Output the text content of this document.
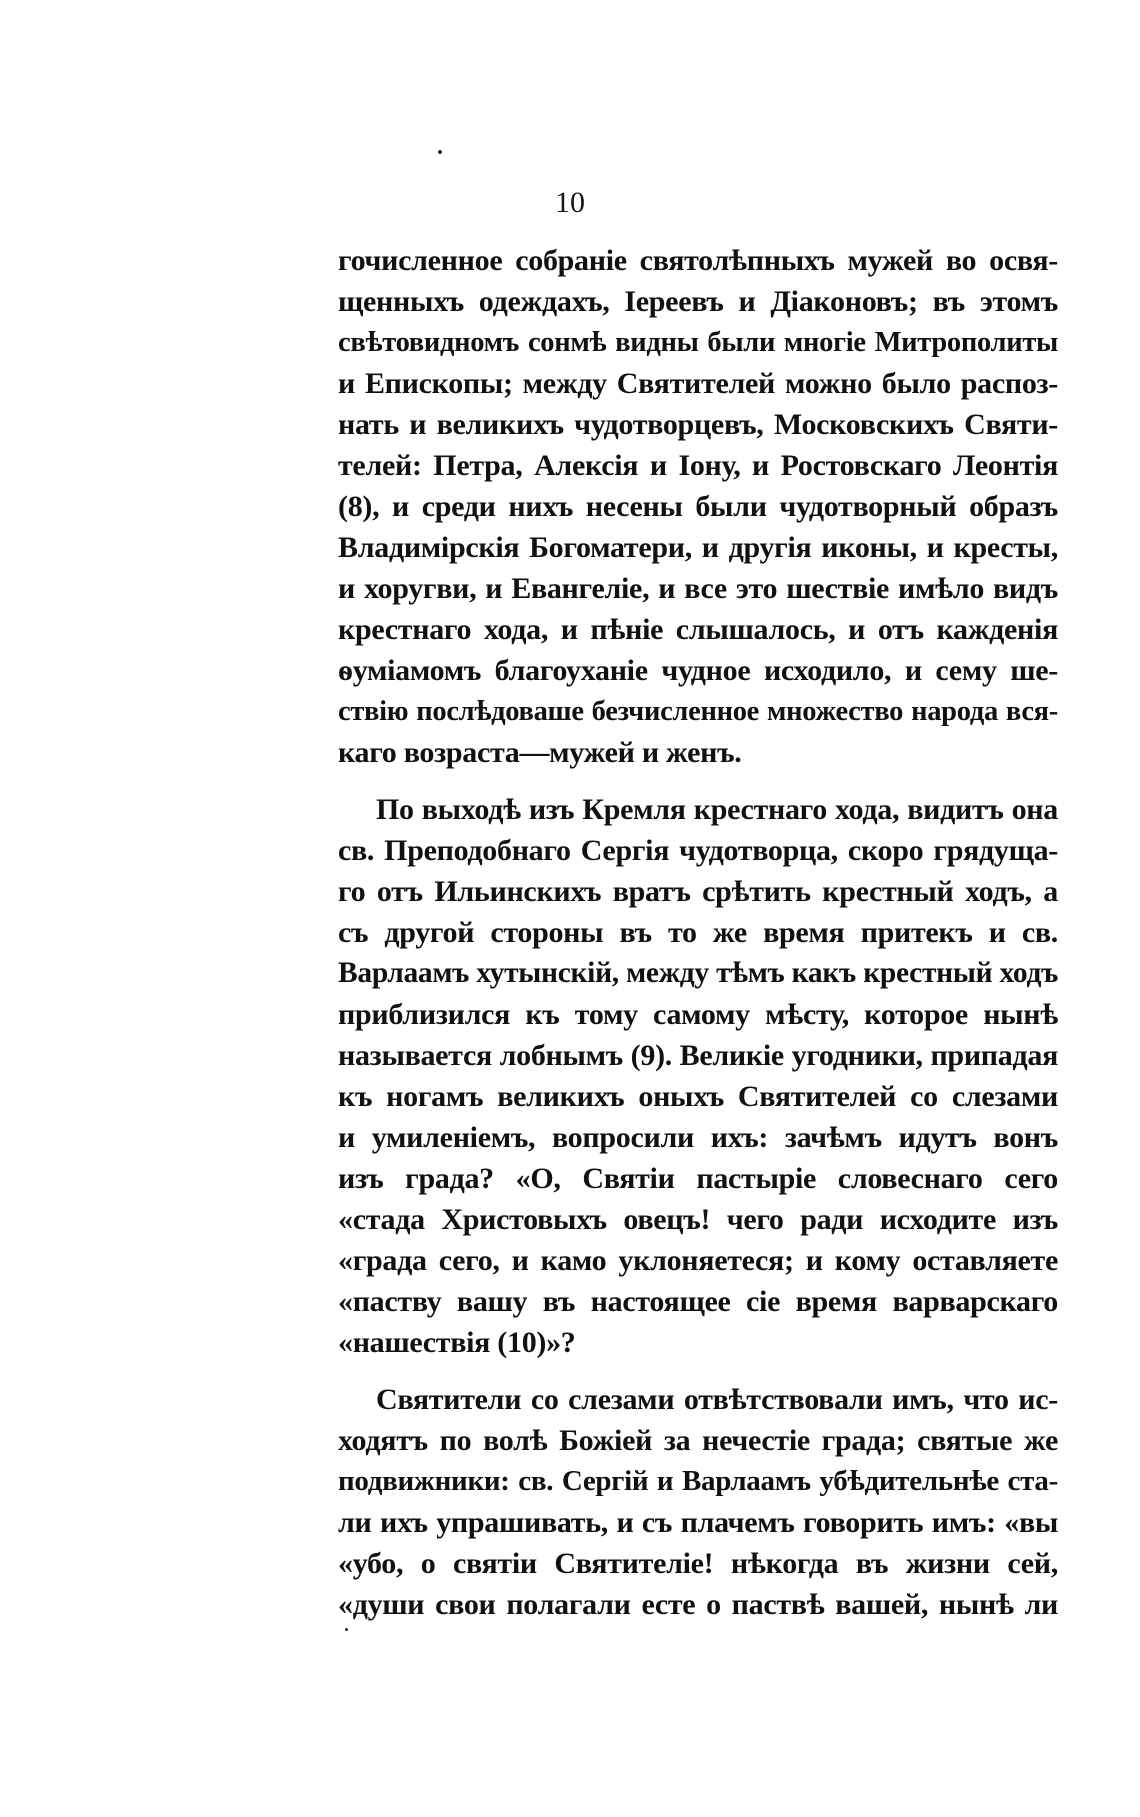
10
гочисленное собраніе святолѣпныхъ мужей во освя-
щенныхъ одеждахъ, Іереевъ и Діаконовъ; въ этомъ
свѣтовидномъ сонмѣ видны были многіе Митрополиты
и Епископы; между Святителей можно было распоз-
нать и великихъ чудотворцевъ, Московскихъ Святи-
телей: Петра, Алексія и Іону, и Ростовскаго Леонтія
(8), и среди нихъ несены были чудотворный образъ
Владимірскія Богоматери, и другія иконы, и кресты,
и хоругви, и Евангеліе, и все это шествіе имѣло видъ
крестнаго хода, и пѣніе слышалось, и отъ кажденія
ѳуміамомъ благоуханіе чудное исходило, и сему ше-
ствію послѣдоваше безчисленное множество народа вся-
каго возраста—мужей и женъ.
По выходѣ изъ Кремля крестнаго хода, видитъ она
св. Преподобнаго Сергія чудотворца, скоро грядуща-
го отъ Ильинскихъ вратъ срѣтить крестный ходъ, а
съ другой стороны въ то же время притекъ и св.
Варлаамъ хутынскій, между тѣмъ какъ крестный ходъ
приблизился къ тому самому мѣсту, которое нынѣ
называется лобнымъ (9). Великіе угодники, припадая
къ ногамъ великихъ оныхъ Святителей со слезами
и умиленіемъ, вопросили ихъ: зачѣмъ идутъ вонъ
изъ града? «О, Святіи пастыріе словеснаго сего
«стада Христовыхъ овецъ! чего ради исходите изъ
«града сего, и камо уклоняетеся; и кому оставляете
«паству вашу въ настоящее сіе время варварскаго
«нашествія (10)»?
Святители со слезами отвѣтствовали имъ, что ис-
ходятъ по волѣ Божіей за нечестіе града; святые же
подвижники: св. Сергій и Варлаамъ убѣдительнѣе ста-
ли ихъ упрашивать, и съ плачемъ говорить имъ: «вы
«убо, о святіи Святителіе! нѣкогда въ жизни сей,
«души свои полагали есте о паствѣ вашей, нынѣ ли
